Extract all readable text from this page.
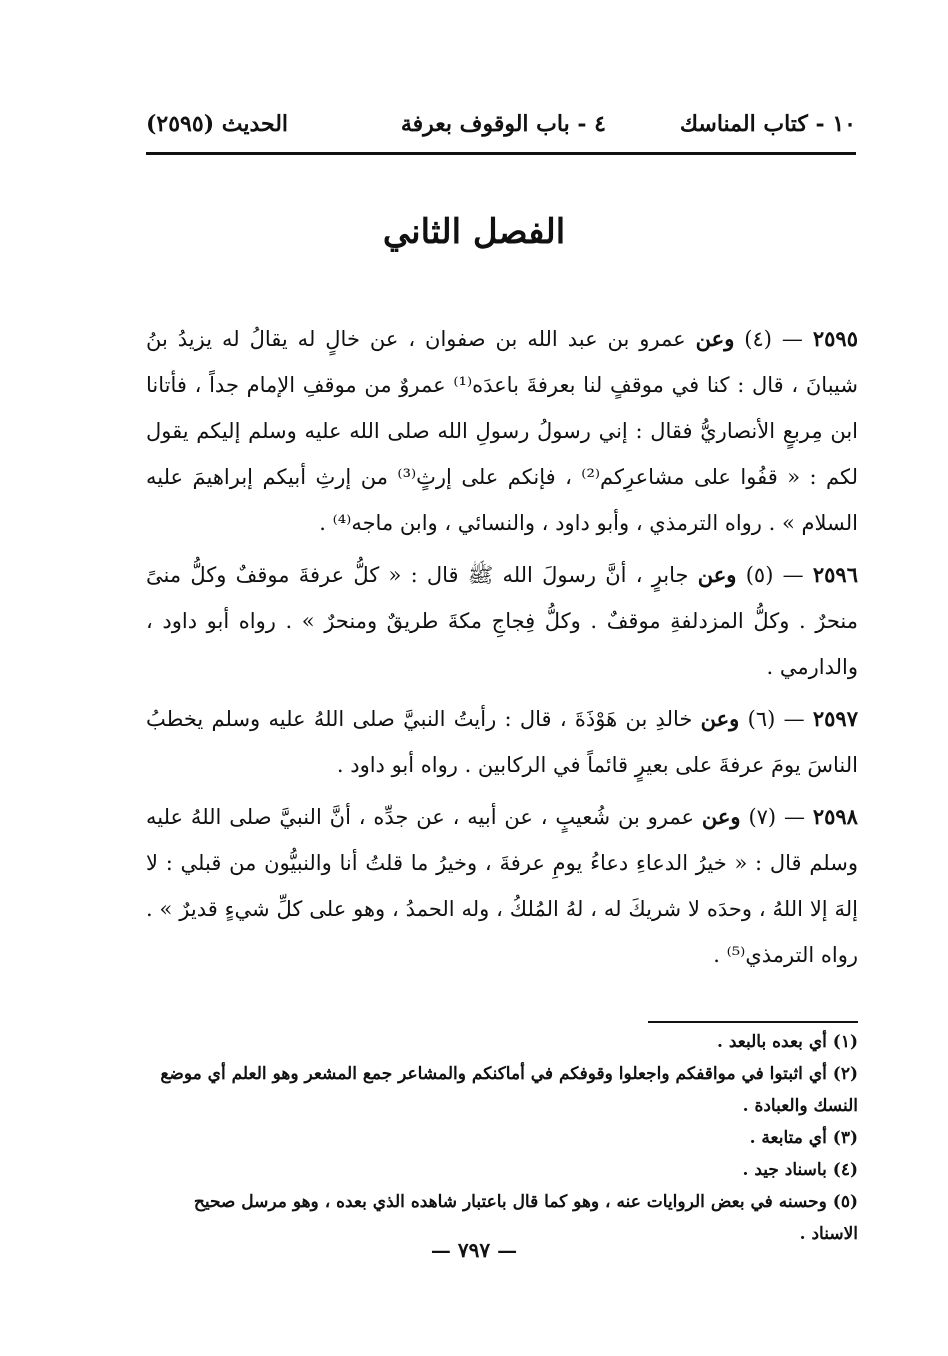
١٠ - كتاب المناسك
٤ - باب الوقوف بعرفة
الحديث (٢٥٩٥)
الفصل الثاني

٢٥٩٥ — (٤) وعن عمرو بن عبد الله بن صفوان ، عن خالٍ له يقالُ له يزيدُ بنُ شيبانَ ، قال : كنا في موقفٍ لنا بعرفةَ باعدَه⁽¹⁾ عمروٌ من موقفِ الإمام جداً ، فأتانا ابن مِربعٍ الأنصاريُّ فقال : إني رسولُ رسولِ الله صلى الله عليه وسلم إليكم يقول لكم : « قفُوا على مشاعرِكم⁽²⁾ ، فإنكم على إرثٍ⁽³⁾ من إرثِ أبيكم إبراهيمَ عليه السلام » . رواه الترمذي ، وأبو داود ، والنسائي ، وابن ماجه⁽⁴⁾ .

٢٥٩٦ — (٥) وعن جابرٍ ، أنَّ رسولَ الله ﷺ قال : « كلُّ عرفةَ موقفٌ وكلُّ منىً منحرٌ . وكلُّ المزدلفةِ موقفٌ . وكلُّ فِجاجِ مكةَ طريقٌ ومنحرٌ » . رواه أبو داود ، والدارمي .

٢٥٩٧ — (٦) وعن خالدِ بن هَوْذَةَ ، قال : رأيتُ النبيَّ صلى اللهُ عليه وسلم يخطبُ الناسَ يومَ عرفةَ على بعيرٍ قائماً في الركابين . رواه أبو داود .

٢٥٩٨ — (٧) وعن عمرو بن شُعيبٍ ، عن أبيه ، عن جدِّه ، أنَّ النبيَّ صلى اللهُ عليه وسلم قال : « خيرُ الدعاءِ دعاءُ يومِ عرفةَ ، وخيرُ ما قلتُ أنا والنبيُّون من قبلي : لا إلهَ إلا اللهُ ، وحدَه لا شريكَ له ، لهُ المُلكُ ، وله الحمدُ ، وهو على كلِّ شيءٍ قديرٌ » . رواه الترمذي⁽⁵⁾ .

(١) أي بعده بالبعد .

(٢) أي اثبتوا في مواقفكم واجعلوا وقوفكم في أماكنكم والمشاعر جمع المشعر وهو العلم أي موضع النسك والعبادة .

(٣) أي متابعة .

(٤) باسناد جيد .

(٥) وحسنه في بعض الروايات عنه ، وهو كما قال باعتبار شاهده الذي بعده ، وهو مرسل صحيح الاسناد .

— ٧٩٧ —
